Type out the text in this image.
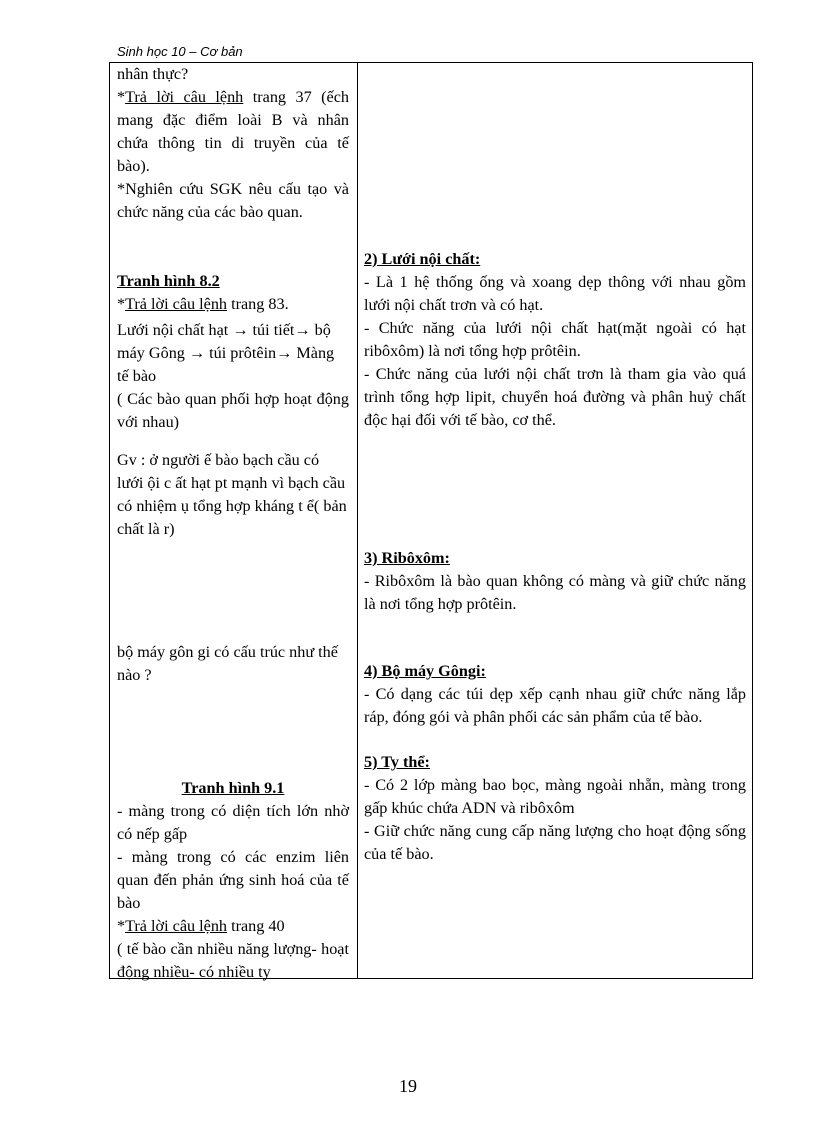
Sinh học 10 – Cơ bản

nhân thực?

*Trả lời câu lệnh trang 37 (ếch mang đặc điểm loài B và nhân chứa thông tin di truyền của tế bào).

*Nghiên cứu SGK nêu cấu tạo và chức năng của các bào quan.

Tranh hình 8.2

*Trả lời câu lệnh trang 83.

Lưới nội chất hạt → túi tiết→ bộ máy Gông → túi prôtêin→ Màng tế bào

( Các bào quan phối hợp hoạt động với nhau)

Gv : ở người ế bào bạch cầu có lưới ội c ất hạt pt mạnh vì bạch cầu có nhiệm ụ tổng hợp kháng t ể( bản chất là r)

bộ máy gôn gi có cấu trúc như thế nào ?

Tranh hình 9.1

- màng trong có diện tích lớn nhờ có nếp gấp

- màng trong có các enzim liên quan đến phản ứng sinh hoá của tế bào

*Trả lời câu lệnh trang 40

( tế bào cần nhiều năng lượng- hoạt động nhiều- có nhiều ty

2) Lưới nội chất:

- Là 1 hệ thống ống và xoang dẹp thông với nhau gồm lưới nội chất trơn và có hạt.

- Chức năng của lưới nội chất hạt(mặt ngoài có hạt ribôxôm) là nơi tổng hợp prôtêin.

- Chức năng của lưới nội chất trơn là tham gia vào quá trình tổng hợp lipit, chuyển hoá đường và phân huỷ chất độc hại đối với tế bào, cơ thể.

3) Ribôxôm:

- Ribôxôm là bào quan không có màng và giữ chức năng là nơi tổng hợp prôtêin.

4) Bộ máy Gôngi:

- Có dạng các túi dẹp xếp cạnh nhau giữ chức năng lắp ráp, đóng gói và phân phối các sản phẩm của tế bào.

5) Ty thể:

- Có 2 lớp màng bao bọc, màng ngoài nhẵn, màng trong gấp khúc chứa ADN và ribôxôm

- Giữ chức năng cung cấp năng lượng cho hoạt động sống của tế bào.

19
